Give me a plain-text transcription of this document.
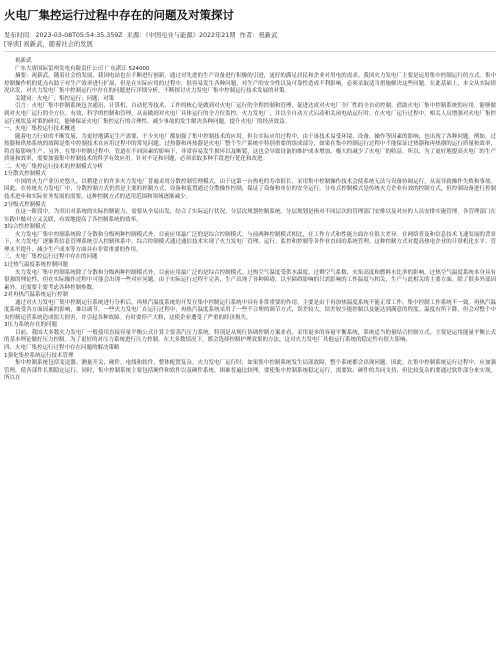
火电厂集控运行过程中存在的问题及对策探讨
发布时间：2023-03-08T05:54:35.359Z 来源：《中国电业与能源》2022年21期 作者：祝新武
[导读] 祝新武，随着社会的发展

祝新武

广东大唐国际雷州发电有限责任公司 广东湛江 524000

摘要：祝新武，随着社会的发展，我国电站也在不断进行创新，通过对先进的生产设备进行积极的引进，更好的满足居民和企业对用电的需求。我国火力发电厂主要是运用集中控制运行的方式。集中控制操作机的优点有助于对生产效率进行扩展，但是在实际应用的过程中，很容易发生各种问题，对生产的安全性以及可靠性造成不利影响。必须采取适当措施解决这些问题。在此基础上，本文从实际情况出发，对火力发电厂集中控制运行中存在的问题进行详细分析，不断探讨火力发电厂集中控制运行技术发展的对策。

关键词：火电厂；集控运行；问题；对策

引言：火电厂集中控制系统包含通讯、计算机、自动化等技术。工作的核心是做到对火电厂运行的全程控制和管理，促进达成对火电厂全厂性的全自动控制。借助火电厂集中控制系统的应用，能够做到对火电厂运行的全方位、有效、科学的控制和管理，从而做到对火电厂具体运行的全方位监控。火力发电厂，并以全自动方式启动和关闭电站运行时。在火电厂运行过程中，相关人员增强对火电厂集控运行现状及对策的研究，能够保证火电厂集控运行的合理性，减少事故的发生解决各种问题，提升火电厂的经济效益。

一、火电厂集控运行技术概述

随着电力行业的不断发展，为更好地满足生产需要，不少火电厂都加强了集中控制技术的应用。但在实际应用过程中，由于该技术易受环境、设备、操作等因素的影响，也出现了各种问题。例如，过热器和供热系统的故障是集中控制技术在应用过程中的常见问题。过热器和再热器是火电厂整个生产系统中特别重要的组成部分，如果在集中控制运行过程中不能保证过热器和再热器的运行质量和效率，将直接影响生产。另外，在集中控制过程中，管道在不同因素的影响下，非常容易发生损坏以及断裂，这也会导致设备的维护成本增加，极大的减少了火电厂的收益。所以，为了更好地提高火电厂的生产质量和效率，需要加强集中控制技术的科学有效应用。针对不足和问题，必须采取多种手段进行优化和改进。

二、火电厂集控运行技术的控制模式分析

1分散式控制模式

中国的火力产业历史悠久，以稍建立的许多火力发电厂普遍采用分散控制管理模式。由于这第一台热电的寿命很长，采用集中控制操作技术会使系统无法与设备协调运行，从而导致操作失败和事故。因此，在传统火力发电厂中，分散控制方式仍然是主要的控制方式，设备和装置通过分散操作控制，保证了设备和单位的安全运行。分布式控制模式是传统火力企业有效的控制方式，但控制设备进行控制技术进步和实际业务发展的需要，这种控制方式的适用范围和领域逐渐减少。

2分级式控制模式

在这一阶段中，为突出对系统的实际控制能力，需要从全局出发，结合了实际运行状况，分层次规划控制系统。分层规划是指对不同层次的管理部门安排以及对应的人员安排实施管理。各管理部门在实践中做对立又关联，有效地提高了各控制系统的效率。

3综合性控制模式

火力发电厂集中控制系统除了分散和分级两种控制模式外，目前应用最广泛的是综合控制模式。与前两种控制模式相比，在工作方式和性能方面存在很大差异。在网络普及和信息技术飞速发展的背景下，火力发电厂逐渐将信息管理系统引入控制体系中，综合控制模式通过通信技术实现了火力发电厂管理、运行、监控和控制等各作业直间的系统管理。这种控制方式对提高热电企业的计算机化水平、管理水平提升、减少生产成本等方面具有非常重要的作用。

三、火电厂集控运行过程中存在的问题

1过热气温度系统控制问题

火力发电厂集中控制系统除了分散和分级两种控制模式外，目前应用最广泛的是综合控制模式。过热空气温度受供水温度、过剩空气系数、火焰高度和燃料水比率的影响。过热空气温度系统本身具有很强的理论性，但在实际操作过程中可能会出现一些对应问题。由于实际运行过程不完善，生产出现了各种障碍，以至障碍影响的只需影响的工作温度与相关，生产与此相关的主要方面。除了很多外部因素外，还需要主要考虑各种控制参数。

2对再热汽温系统运行控制

通过对火力发电厂集中控制运行系统进行分析后，再热汽温度系统的开发在集中控制运行系统中具有非常重要的作用。主要是由于再加热温度系统不能正常工作，集中控制工作系统不一致。再热汽温度系统受各方面因素的影响，难以调节。一些火力发电厂在运行过程中，再热汽温度系统采用了一些不合理的调节方式，误差较大，误差较少能控制以及能达到满意的程度。温度有所下降，但会对整个中央控制运营系统造成很大损害，并引起各种故障。有时要停产大修，这使企业遭受了严重的经济损失。

3压力系统存在的问题

目前，我国大多数火力发电厂一般使用直接容量平衡公式计算主要蒸汽压力系统。特别是从现行协调控制方案来看，采用更多的容量平衡系统，系统适当的量结合控制方式。主要是运用能量平衡公式的基本理论做好压力控制。为了更好的对压力系统进行压力控制，在大多数情况下，都会选择控制护理效果的方法，这对火力发电厂其他运行系统的稳定性有很大影响。

四、火电厂集控运行过程中存在问题的解决策略

1强化集控系统运行技术管理

集中控制系统包括变送器、测量开关、硬件、电线和软件，整体配置复杂。火力发电厂运行时，如果集中控制系统发生局部故障，整个系统都会出现问题。因此，在集中控制系统运行过程中，应加强管理，使各部件长期稳定运行。同时，集中控制系统主要包括硬件和软件以及硬件系统，困难普遍比较理，要使集中控制系统稳定运行，需要软、硬件的共同支持，但比较复杂的要通过软件部分来实现，所以在
